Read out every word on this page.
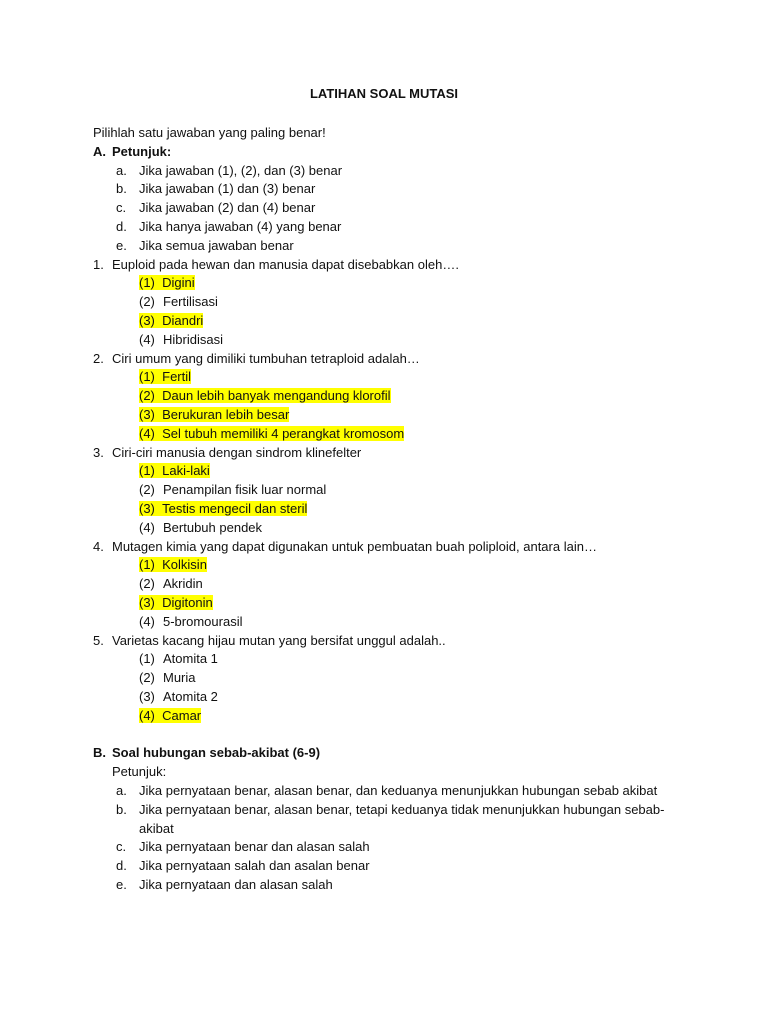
LATIHAN SOAL MUTASI
Pilihlah satu jawaban yang paling benar!
A. Petunjuk:
a. Jika jawaban (1), (2), dan (3) benar
b. Jika jawaban (1) dan (3) benar
c. Jika jawaban (2) dan (4) benar
d. Jika hanya jawaban (4) yang benar
e. Jika semua jawaban benar
1. Euploid pada hewan dan manusia dapat disebabkan oleh….
(1) Digini
(2) Fertilisasi
(3) Diandri
(4) Hibridisasi
2. Ciri umum yang dimiliki tumbuhan tetraploid adalah…
(1) Fertil
(2) Daun lebih banyak mengandung klorofil
(3) Berukuran lebih besar
(4) Sel tubuh memiliki 4 perangkat kromosom
3. Ciri-ciri manusia dengan sindrom klinefelter
(1) Laki-laki
(2) Penampilan fisik luar normal
(3) Testis mengecil dan steril
(4) Bertubuh pendek
4. Mutagen kimia yang dapat digunakan untuk pembuatan buah poliploid, antara lain…
(1) Kolkisin
(2) Akridin
(3) Digitonin
(4) 5-bromourasil
5. Varietas kacang hijau mutan yang bersifat unggul adalah..
(1) Atomita 1
(2) Muria
(3) Atomita 2
(4) Camar
B. Soal hubungan sebab-akibat (6-9)
Petunjuk:
a. Jika pernyataan benar, alasan benar, dan keduanya menunjukkan hubungan sebab akibat
b. Jika pernyataan benar, alasan benar, tetapi keduanya tidak menunjukkan hubungan sebab-
akibat
c. Jika pernyataan benar dan alasan salah
d. Jika pernyataan salah dan asalan benar
e. Jika pernyataan dan alasan salah
